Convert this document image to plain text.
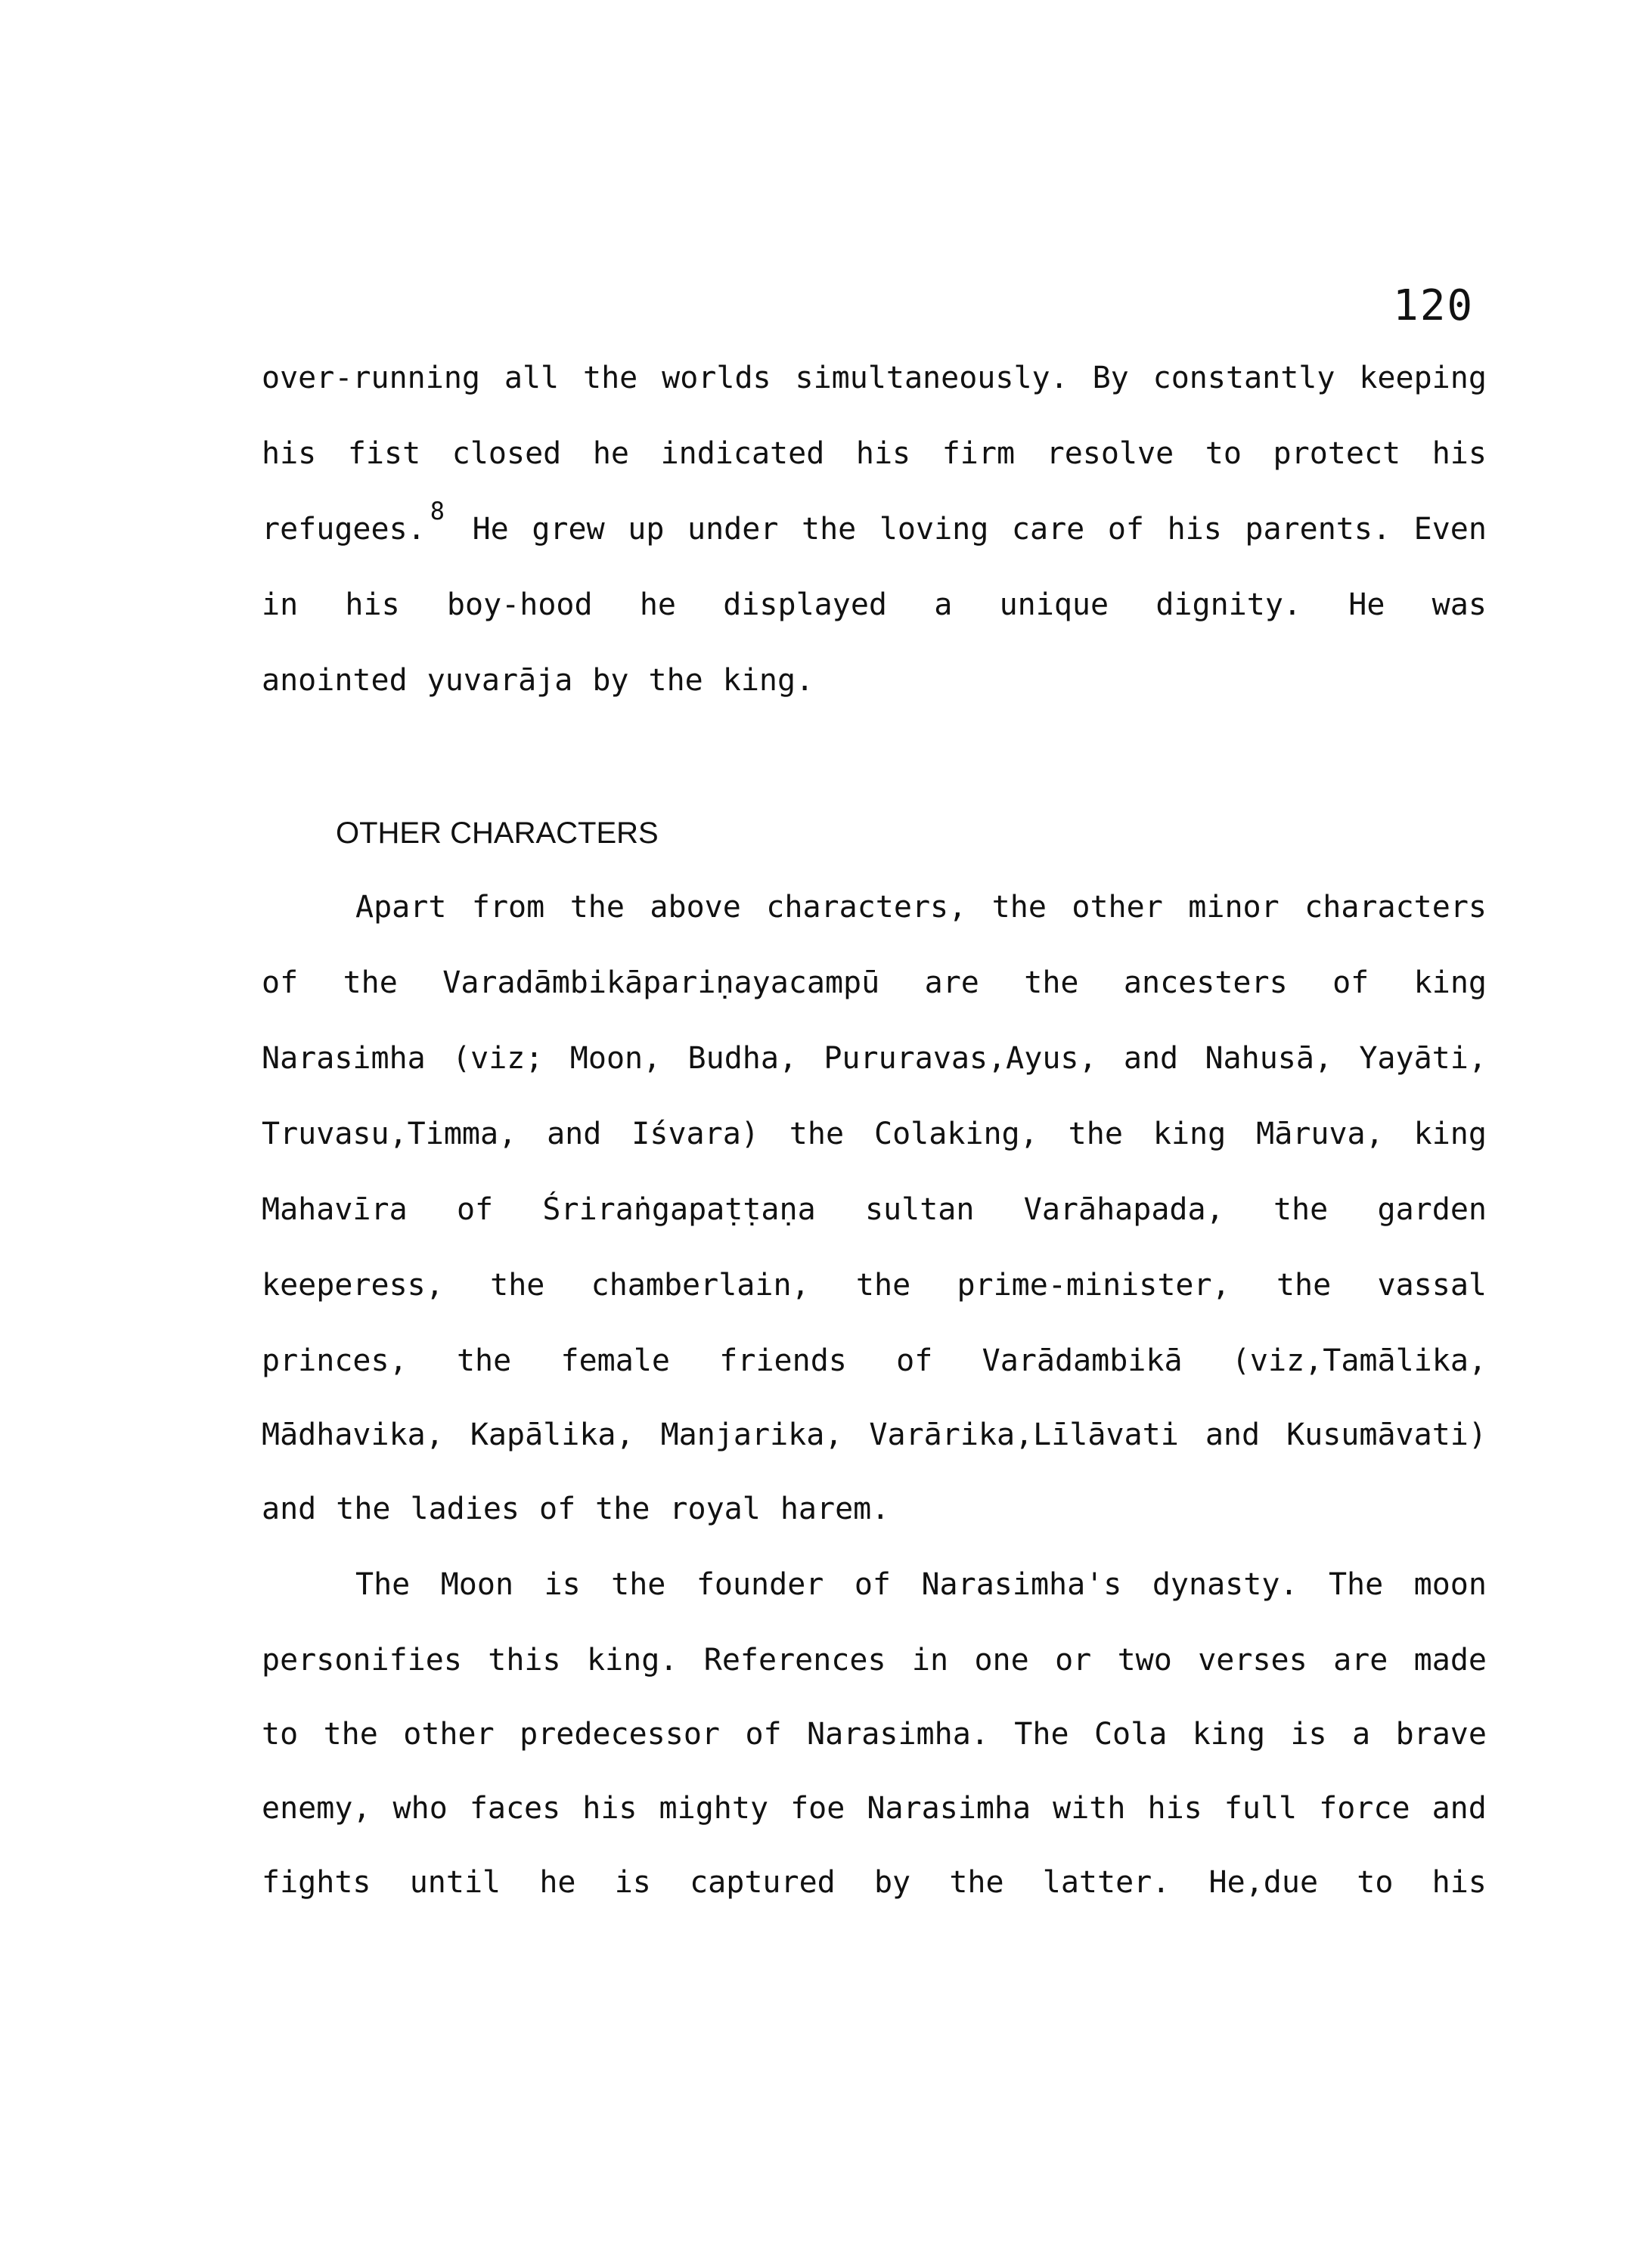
120
over-running all the worlds simultaneously. By constantly keeping
his fist closed he indicated his firm resolve to protect his
refugees.$^8$
He grew up under the loving care of his parents. Even
in his boy-hood he displayed a unique dignity. He was
anointed yuvarāja by the king.
OTHER CHARACTERS
Apart from the above characters, the other minor characters
of the Varadāmbikāpariṇayacampū are the ancesters of king
Narasimha (viz; Moon, Budha, Pururavas,Ayus, and Nahusā, Yayāti,
Truvasu,Timma, and Iśvara) the Colaking, the king Māruva, king
Mahavīra of Śriraṅgapaṭṭaṇa sultan Varāhapada, the garden
keeperess, the chamberlain, the prime-minister, the vassal
princes, the female friends of Varādambikā (viz,Tamālika,
Mādhavika, Kapālika, Manjarika, Varārika,Līlāvati and Kusumāvati)
and the ladies of the royal harem.
The Moon is the founder of Narasimha's dynasty. The moon
personifies this king. References in one or two verses are made
to the other predecessor of Narasimha. The Cola king is a brave
enemy, who faces his mighty foe Narasimha with his full force and
fights until he is captured by the latter. He,due to his
